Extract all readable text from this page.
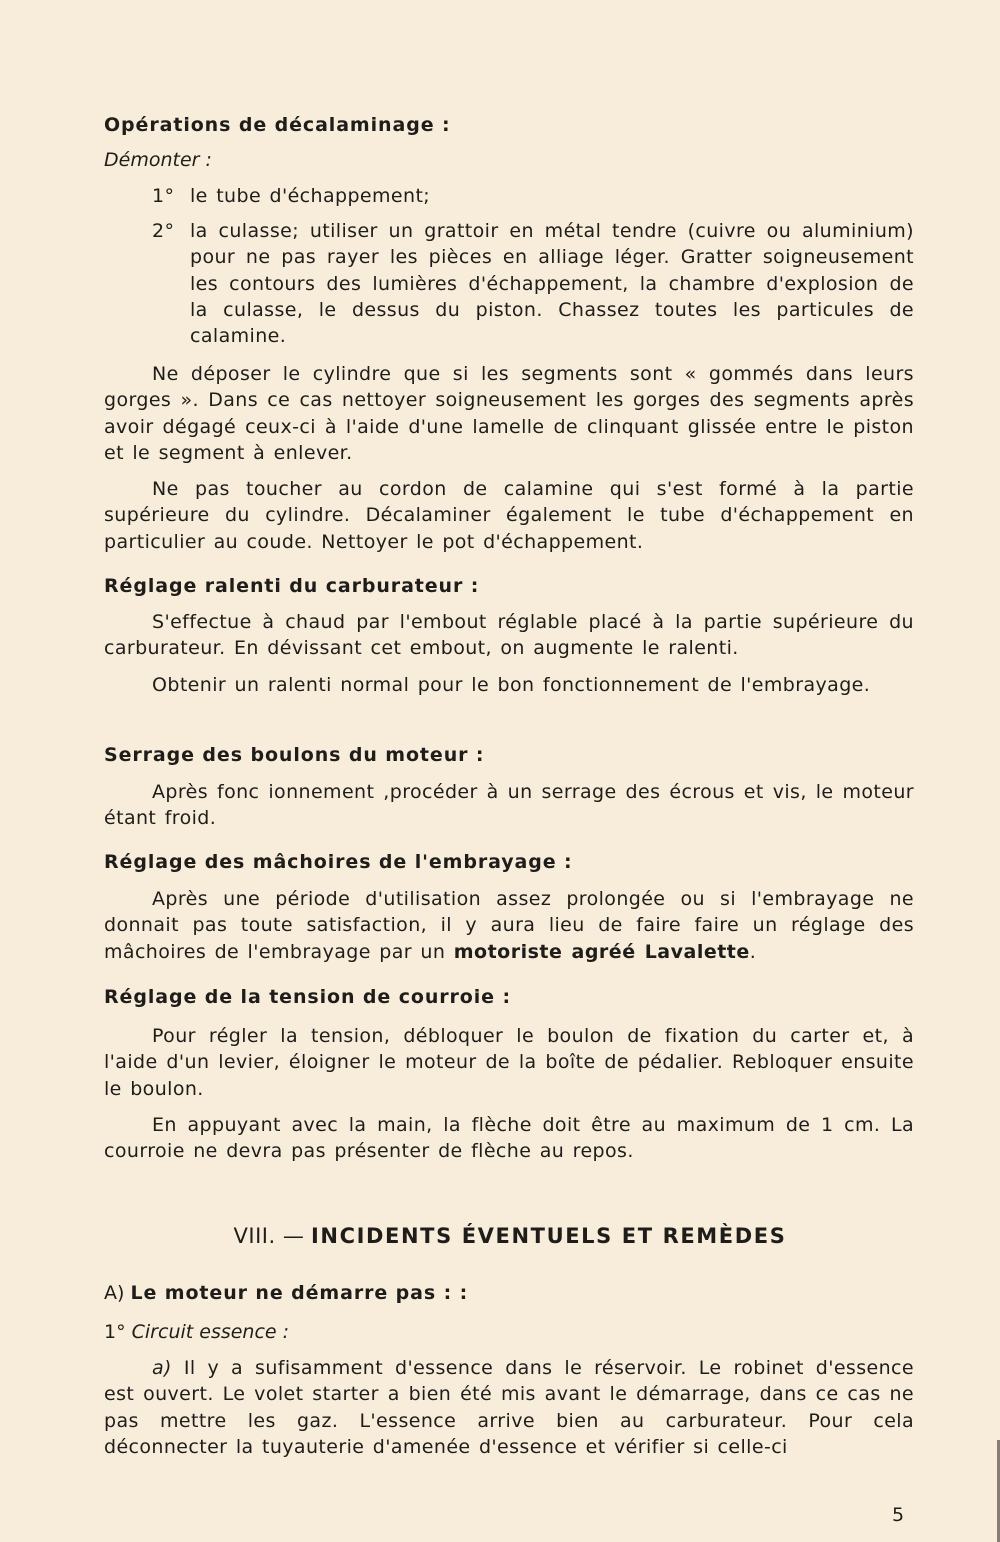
Opérations de décalaminage :
Démonter :
1° le tube d'échappement;
2° la culasse; utiliser un grattoir en métal tendre (cuivre ou aluminium) pour ne pas rayer les pièces en alliage léger. Gratter soigneusement les contours des lumières d'échappement, la chambre d'explosion de la culasse, le dessus du piston. Chassez toutes les particules de calamine.

Ne déposer le cylindre que si les segments sont « gommés dans leurs gorges ». Dans ce cas nettoyer soigneusement les gorges des segments après avoir dégagé ceux-ci à l'aide d'une lamelle de clinquant glissée entre le piston et le segment à enlever.

Ne pas toucher au cordon de calamine qui s'est formé à la partie supérieure du cylindre. Décalaminer également le tube d'échappement en particulier au coude. Nettoyer le pot d'échappement.

Réglage ralenti du carburateur :

S'effectue à chaud par l'embout réglable placé à la partie supérieure du carburateur. En dévissant cet embout, on augmente le ralenti.

Obtenir un ralenti normal pour le bon fonctionnement de l'embrayage.

Serrage des boulons du moteur :

Après fonc ionnement ,procéder à un serrage des écrous et vis, le moteur étant froid.

Réglage des mâchoires de l'embrayage :

Après une période d'utilisation assez prolongée ou si l'embrayage ne donnait pas toute satisfaction, il y aura lieu de faire faire un réglage des mâchoires de l'embrayage par un motoriste agréé Lavalette.

Réglage de la tension de courroie :

Pour régler la tension, débloquer le boulon de fixation du carter et, à l'aide d'un levier, éloigner le moteur de la boîte de pédalier. Rebloquer ensuite le boulon.

En appuyant avec la main, la flèche doit être au maximum de 1 cm. La courroie ne devra pas présenter de flèche au repos.

VIII. — INCIDENTS ÉVENTUELS ET REMÈDES
A) Le moteur ne démarre pas : :
1° Circuit essence :

a) Il y a sufisamment d'essence dans le réservoir. Le robinet d'essence est ouvert. Le volet starter a bien été mis avant le démarrage, dans ce cas ne pas mettre les gaz. L'essence arrive bien au carburateur. Pour cela déconnecter la tuyauterie d'amenée d'essence et vérifier si celle-ci

5
